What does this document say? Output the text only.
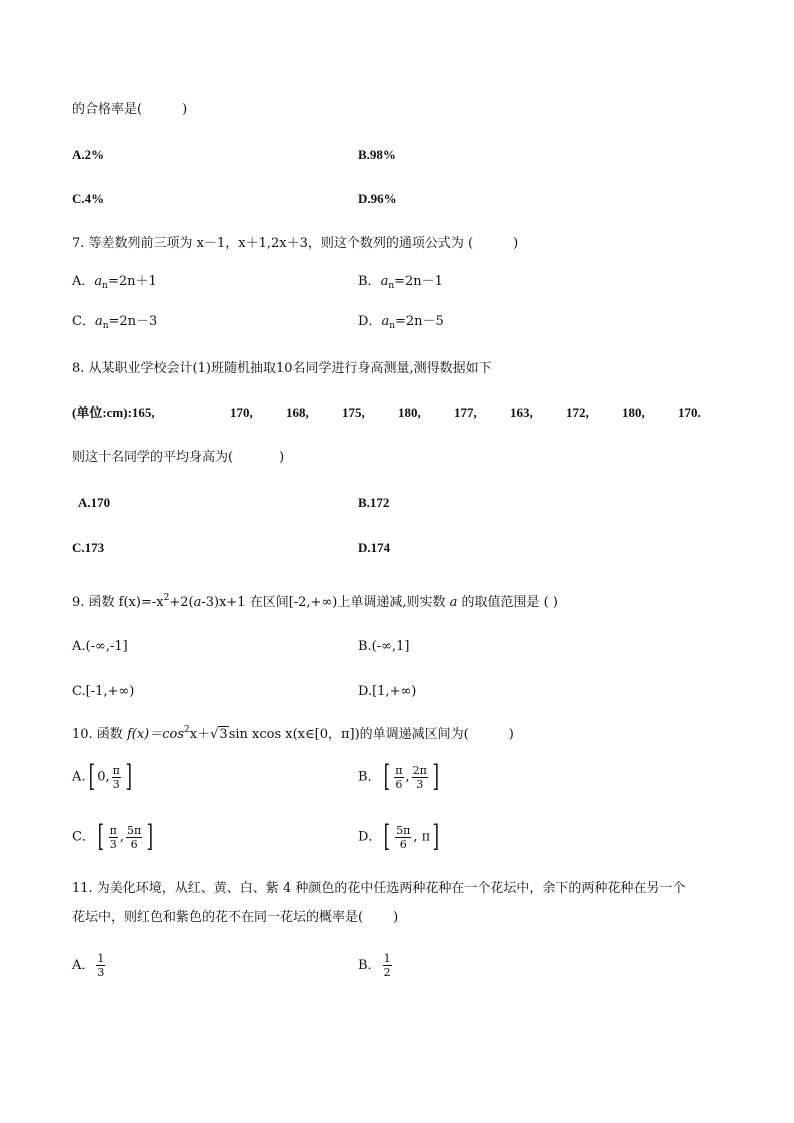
的合格率是(	)
A.2%	B.98%
C.4%	D.96%
7. 等差数列前三项为 x－1，x＋1,2x＋3，则这个数列的通项公式为 (	)
A．$a_n=2n+1$	B．$a_n=2n-1$
C．$a_n=2n-3$	D．$a_n=2n-5$
8. 从某职业学校会计(1)班随机抽取10名同学进行身高测量,测得数据如下
(单位:cm):165,	170,	168,	175,	180,	177,	163,	172,	180,	170.
则这十名同学的平均身高为(	)
A.170	B.172
C.173	D.174
9. 函数 $f(x)=-x^2+2(a-3)x+1$ 在区间[-2,+∞)上单调递减,则实数 a 的取值范围是 ( )
A.(-∞,-1]	B.(-∞,1]
C.[-1,+∞)	D.[1,+∞)
10. 函数 $f(x)=\cos^2x+√3\sin$ xcos x(x∈[0，π])的单调递减区间为(	)
A.[ 0, $\frac{\pi}{3}$ ]	B．[ $\frac{\pi}{6}$ , $\frac{2\pi}{3}$ ]
C．[ $\frac{\pi}{3}$ , $\frac{5\pi}{6}$ ]	D．[ $\frac{5\pi}{6}$ , π]
11. 为美化环境，从红、黄、白、紫 4 种颜色的花中任选两种花种在一个花坛中，余下的两种花种在另一个
花坛中，则红色和紫色的花不在同一花坛的概率是( )
A． $\frac{1}{3}$	B． $\frac{1}{2}$
